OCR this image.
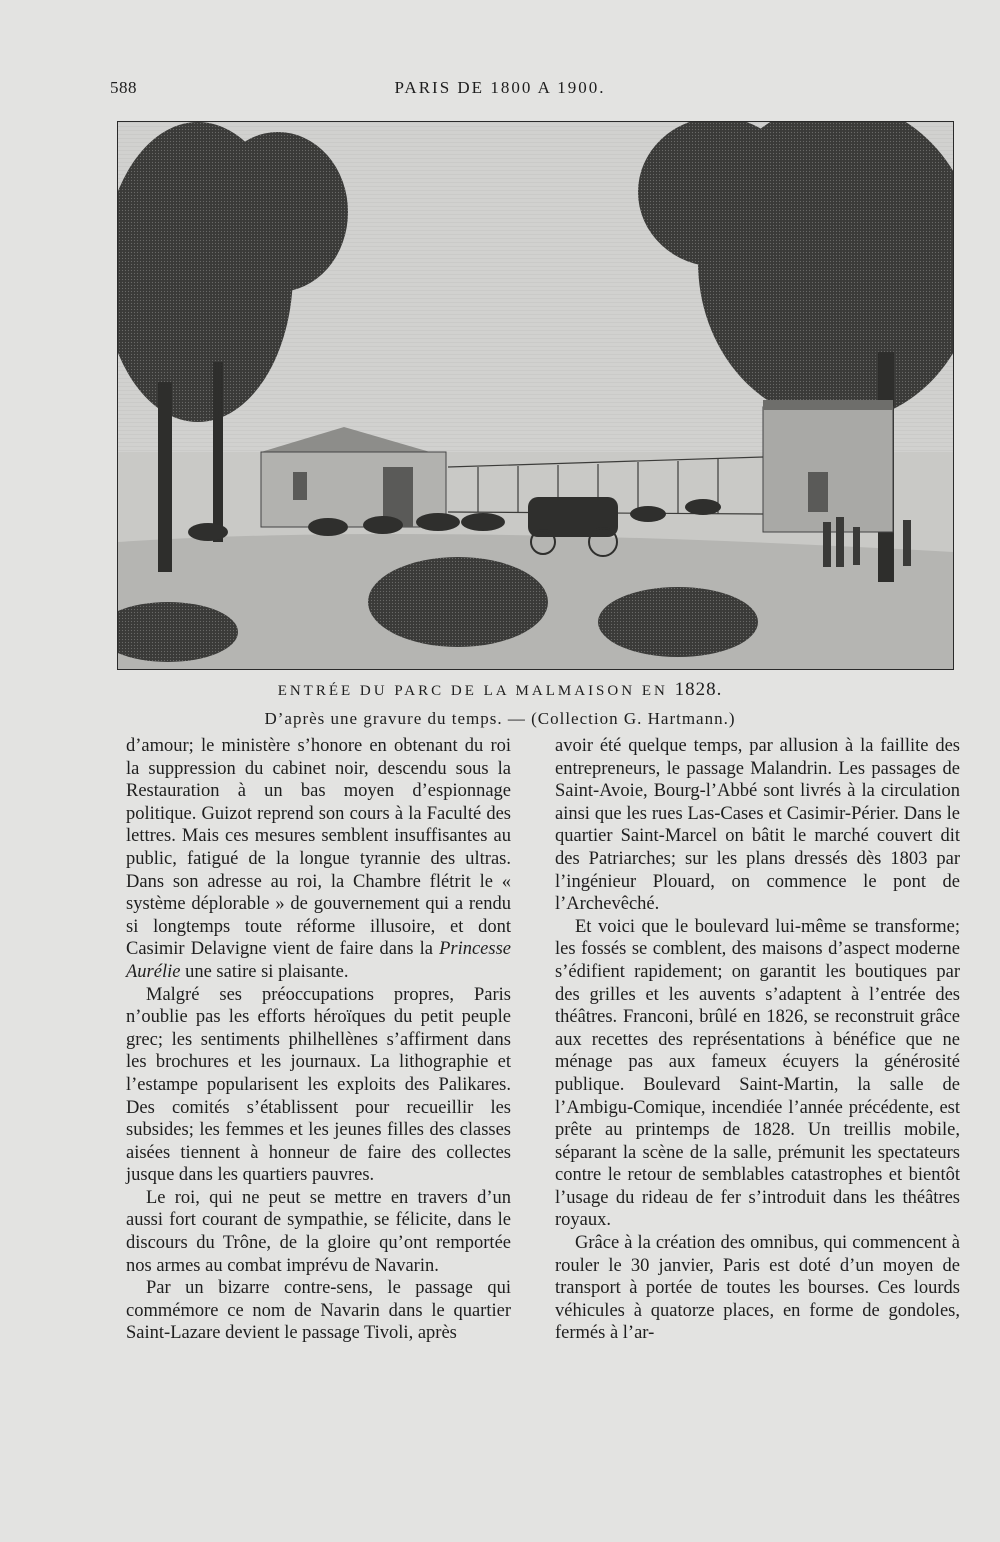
588	PARIS DE 1800 A 1900.
ENTRÉE DU PARC DE LA MALMAISON EN 1828.
D’après une gravure du temps. — (Collection G. Hartmann.)

d’amour; le ministère s’honore en obtenant du roi la suppression du cabinet noir, descendu sous la Restauration à un bas moyen d’espionnage politique. Guizot reprend son cours à la Faculté des lettres. Mais ces mesures semblent insuffisantes au public, fatigué de la longue tyrannie des ultras. Dans son adresse au roi, la Chambre flétrit le « système déplorable » de gouvernement qui a rendu si longtemps toute réforme illusoire, et dont Casimir Delavigne vient de faire dans la Princesse Aurélie une satire si plaisante.

Malgré ses préoccupations propres, Paris n’oublie pas les efforts héroïques du petit peuple grec; les sentiments philhellènes s’affirment dans les brochures et les journaux. La lithographie et l’estampe popularisent les exploits des Palikares. Des comités s’établissent pour recueillir les subsides; les femmes et les jeunes filles des classes aisées tiennent à honneur de faire des collectes jusque dans les quartiers pauvres.

Le roi, qui ne peut se mettre en travers d’un aussi fort courant de sympathie, se félicite, dans le discours du Trône, de la gloire qu’ont remportée nos armes au combat imprévu de Navarin.

Par un bizarre contre-sens, le passage qui commémore ce nom de Navarin dans le quartier Saint-Lazare devient le passage Tivoli, après

avoir été quelque temps, par allusion à la faillite des entrepreneurs, le passage Malandrin. Les passages de Saint-Avoie, Bourg-l’Abbé sont livrés à la circulation ainsi que les rues Las-Cases et Casimir-Périer. Dans le quartier Saint-Marcel on bâtit le marché couvert dit des Patriarches; sur les plans dressés dès 1803 par l’ingénieur Plouard, on commence le pont de l’Archevêché.

Et voici que le boulevard lui-même se transforme; les fossés se comblent, des maisons d’aspect moderne s’édifient rapidement; on garantit les boutiques par des grilles et les auvents s’adaptent à l’entrée des théâtres. Franconi, brûlé en 1826, se reconstruit grâce aux recettes des représentations à bénéfice que ne ménage pas aux fameux écuyers la générosité publique. Boulevard Saint-Martin, la salle de l’Ambigu-Comique, incendiée l’année précédente, est prête au printemps de 1828. Un treillis mobile, séparant la scène de la salle, prémunit les spectateurs contre le retour de semblables catastrophes et bientôt l’usage du rideau de fer s’introduit dans les théâtres royaux.

Grâce à la création des omnibus, qui commencent à rouler le 30 janvier, Paris est doté d’un moyen de transport à portée de toutes les bourses. Ces lourds véhicules à quatorze places, en forme de gondoles, fermés à l’ar-
